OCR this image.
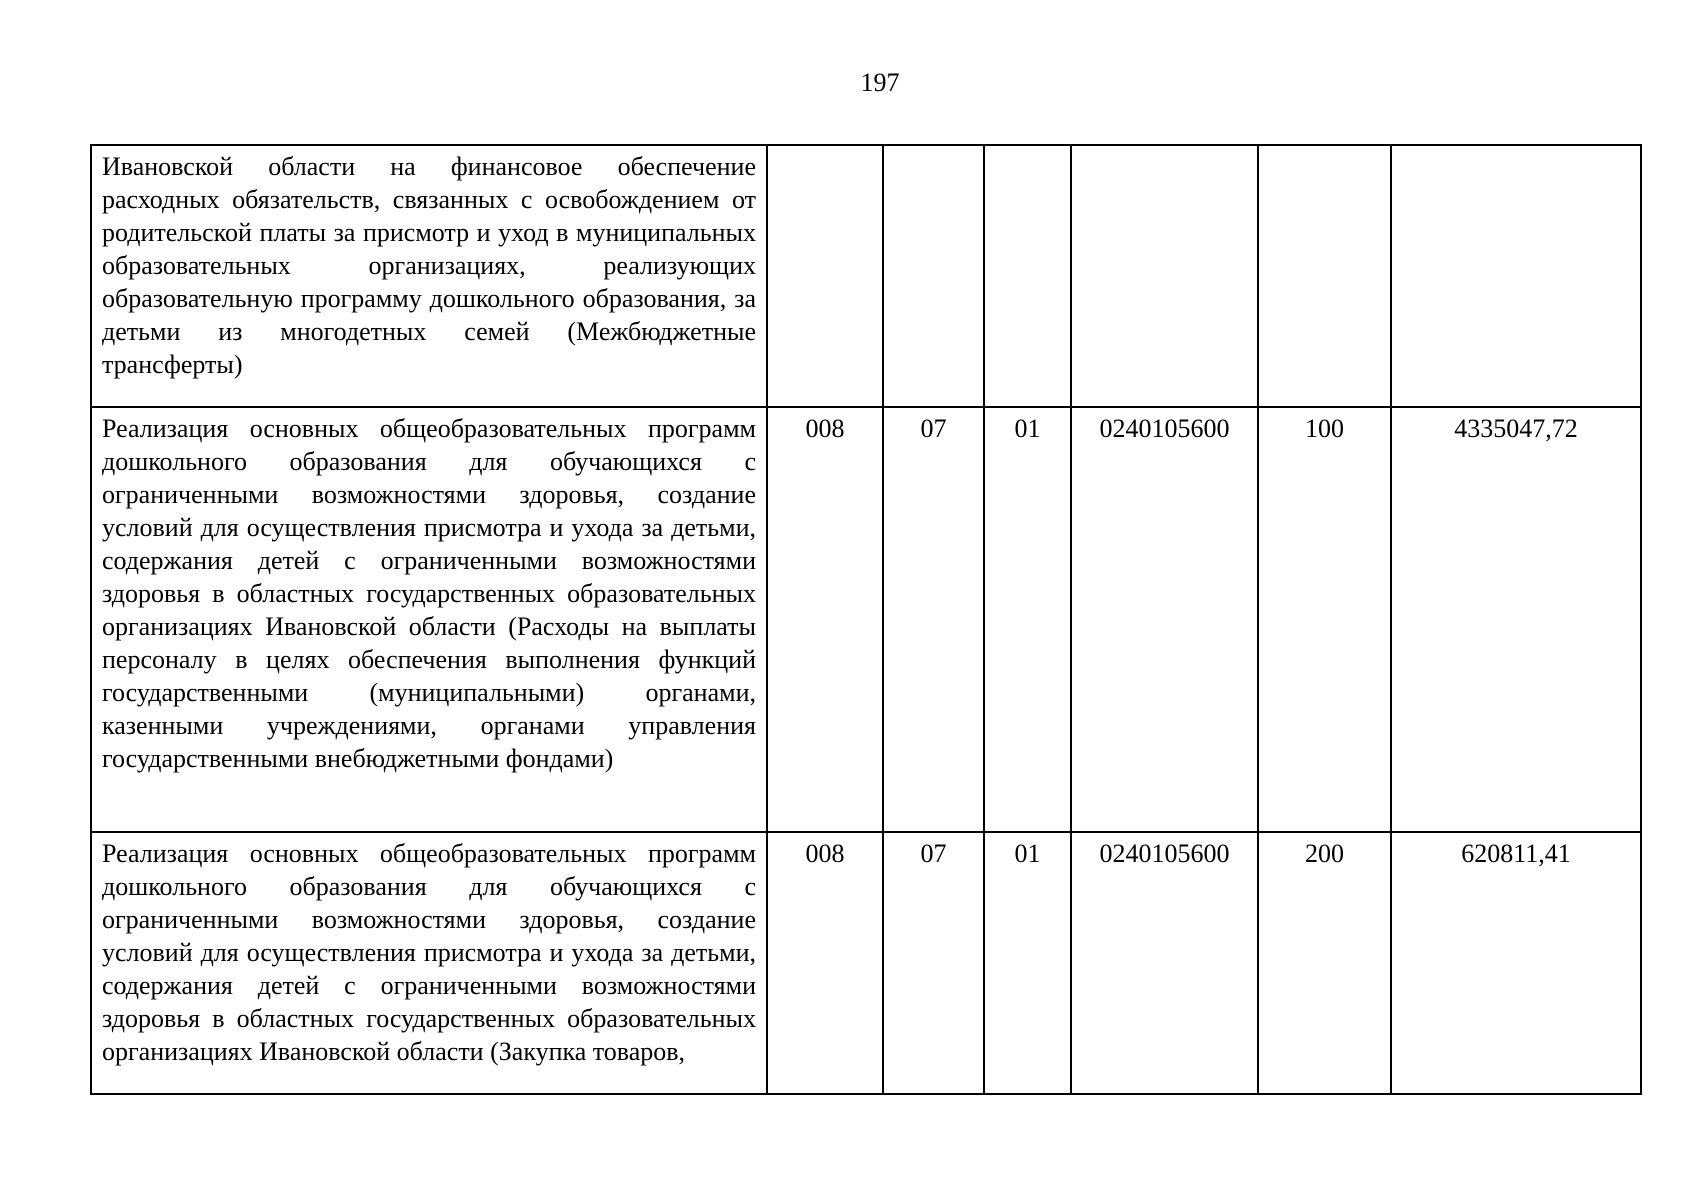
197
Ивановской области на финансовое обеспечение расходных обязательств, связанных с освобождением от родительской платы за присмотр и уход в муниципальных образовательных организациях, реализующих образовательную программу дошкольного образования, за детьми из многодетных семей (Межбюджетные трансферты)						
Реализация основных общеобразовательных программ дошкольного образования для обучающихся с ограниченными возможностями здоровья, создание условий для осуществления присмотра и ухода за детьми, содержания детей с ограниченными возможностями здоровья в областных государственных образовательных организациях Ивановской области (Расходы на выплаты персоналу в целях обеспечения выполнения функций государственными (муниципальными) органами, казенными учреждениями, органами управления государственными внебюджетными фондами)	008	07	01	0240105600	100	4335047,72
Реализация основных общеобразовательных программ дошкольного образования для обучающихся с ограниченными возможностями здоровья, создание условий для осуществления присмотра и ухода за детьми, содержания детей с ограниченными возможностями здоровья в областных государственных образовательных организациях Ивановской области (Закупка товаров,	008	07	01	0240105600	200	620811,41
